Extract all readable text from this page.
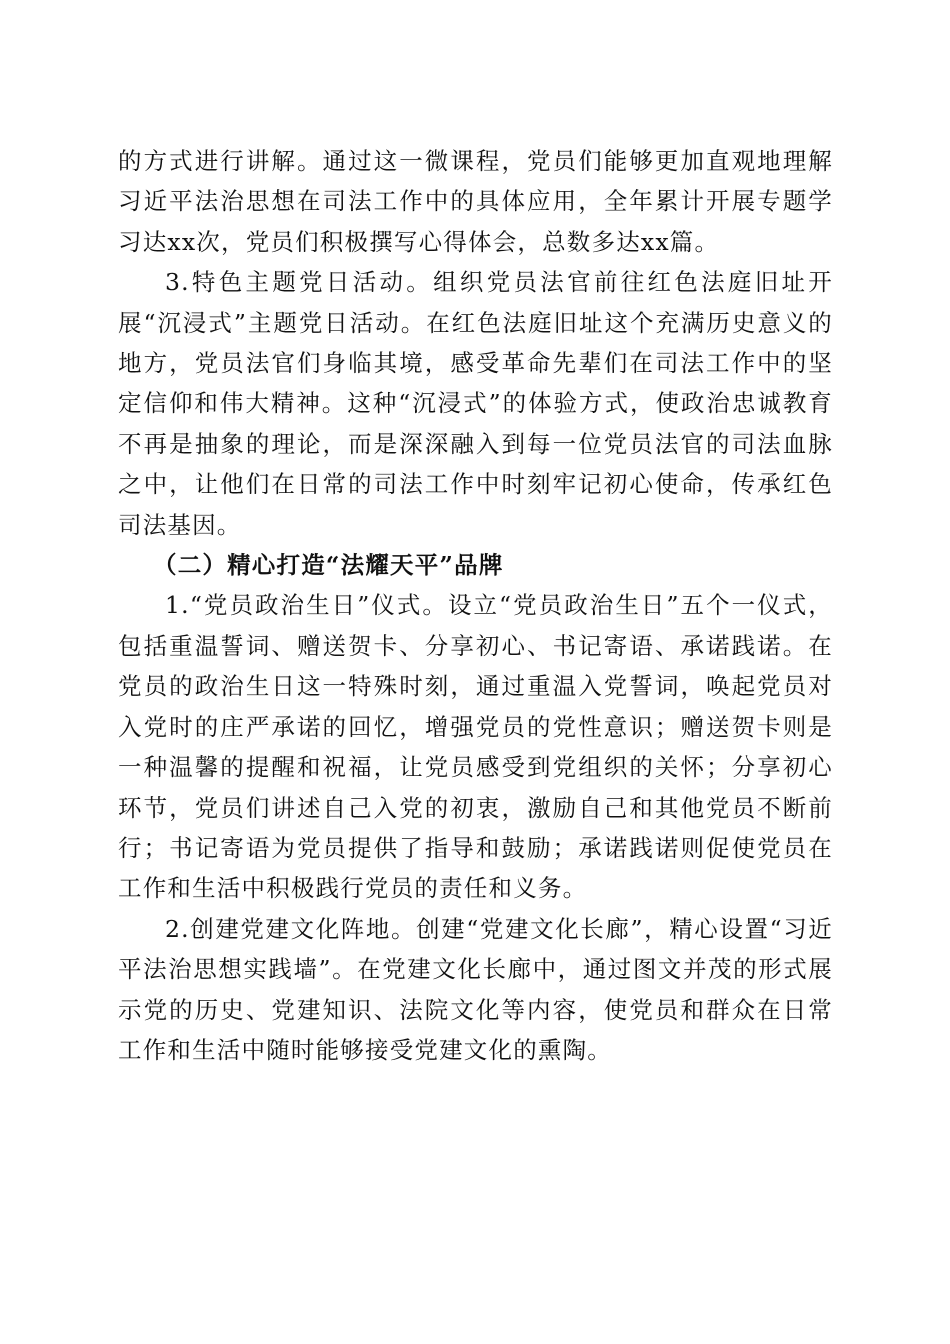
的方式进行讲解。通过这一微课程，党员们能够更加直观地理解习近平法治思想在司法工作中的具体应用，全年累计开展专题学习达xx次，党员们积极撰写心得体会，总数多达xx篇。

3.特色主题党日活动。组织党员法官前往红色法庭旧址开展“沉浸式”主题党日活动。在红色法庭旧址这个充满历史意义的地方，党员法官们身临其境，感受革命先辈们在司法工作中的坚定信仰和伟大精神。这种“沉浸式”的体验方式，使政治忠诚教育不再是抽象的理论，而是深深融入到每一位党员法官的司法血脉之中，让他们在日常的司法工作中时刻牢记初心使命，传承红色司法基因。

（二）精心打造“法耀天平”品牌

1.“党员政治生日”仪式。设立“党员政治生日”五个一仪式，包括重温誓词、赠送贺卡、分享初心、书记寄语、承诺践诺。在党员的政治生日这一特殊时刻，通过重温入党誓词，唤起党员对入党时的庄严承诺的回忆，增强党员的党性意识；赠送贺卡则是一种温馨的提醒和祝福，让党员感受到党组织的关怀；分享初心环节，党员们讲述自己入党的初衷，激励自己和其他党员不断前行；书记寄语为党员提供了指导和鼓励；承诺践诺则促使党员在工作和生活中积极践行党员的责任和义务。

2.创建党建文化阵地。创建“党建文化长廊”，精心设置“习近平法治思想实践墙”。在党建文化长廊中，通过图文并茂的形式展示党的历史、党建知识、法院文化等内容，使党员和群众在日常工作和生活中随时能够接受党建文化的熏陶。
